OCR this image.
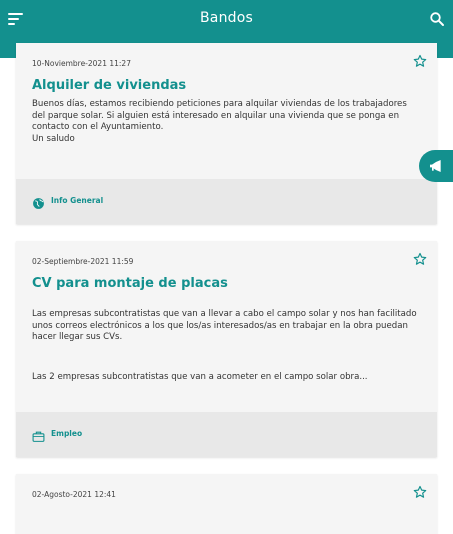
Bandos
10-Noviembre-2021 11:27
Alquiler de viviendas

Buenos días, estamos recibiendo peticiones para alquilar viviendas de los trabajadores del parque solar. Si alguien está interesado en alquilar una vivienda que se ponga en contacto con el Ayuntamiento.

Un saludo

Info General
02-Septiembre-2021 11:59
CV para montaje de placas

Las empresas subcontratistas que van a llevar a cabo el campo solar y nos han facilitado unos correos electrónicos a los que los/as interesados/as en trabajar en la obra puedan hacer llegar sus CVs.

Las 2 empresas subcontratistas que van a acometer en el campo solar obra...

Empleo
02-Agosto-2021 12:41
